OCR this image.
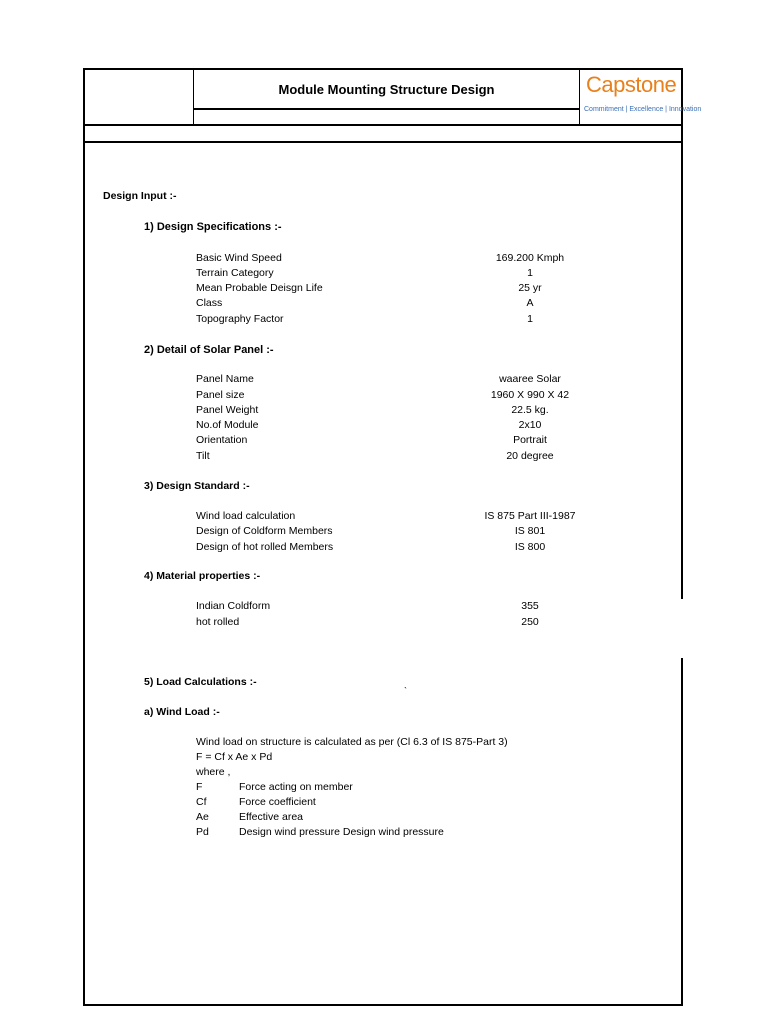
Module Mounting Structure Design	Capstone
Commitment | Excellence | Innovation
Design Input :-
1) Design Specifications :-
Basic Wind Speed	169.200 Kmph
Terrain Category	1
Mean Probable Deisgn Life	25 yr
Class	A
Topography Factor	1
2) Detail of Solar Panel :-
Panel Name	waaree Solar
Panel size	1960 X 990 X 42
Panel Weight	22.5 kg.
No.of Module	2x10
Orientation	Portrait
Tilt	20 degree
3) Design Standard :-
Wind load calculation	IS 875 Part III-1987
Design of Coldform Members	IS 801
Design of hot rolled Members	IS 800
4) Material properties :-
Indian Coldform	355
hot rolled	250
5) Load Calculations :-
`
a) Wind Load :-
Wind load on structure is calculated as per (Cl 6.3 of IS 875-Part 3)
F = Cf x Ae x Pd
where ,
F	Force acting on member
Cf	Force coefficient
Ae	Effective area
Pd	Design wind pressure Design wind pressure
